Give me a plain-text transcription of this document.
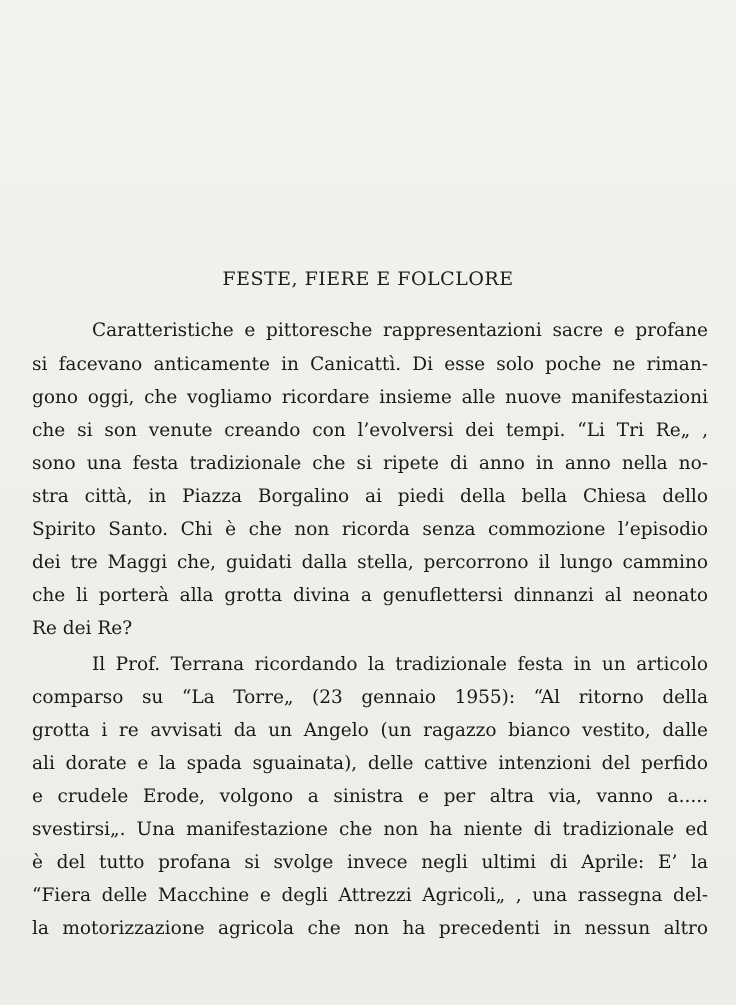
FESTE, FIERE E FOLCLORE
Caratteristiche e pittoresche rappresentazioni sacre e profane
si facevano anticamente in Canicattì. Di esse solo poche ne riman-
gono oggi, che vogliamo ricordare insieme alle nuove manifestazioni
che si son venute creando con l’evolversi dei tempi. “Li Tri Re„ ,
sono una festa tradizionale che si ripete di anno in anno nella no-
stra città, in Piazza Borgalino ai piedi della bella Chiesa dello
Spirito Santo. Chi è che non ricorda senza commozione l’episodio
dei tre Maggi che, guidati dalla stella, percorrono il lungo cammino
che li porterà alla grotta divina a genuflettersi dinnanzi al neonato
Re dei Re?
Il Prof. Terrana ricordando la tradizionale festa in un articolo
comparso su “La Torre„ (23 gennaio 1955): “Al ritorno della
grotta i re avvisati da un Angelo (un ragazzo bianco vestito, dalle
ali dorate e la spada sguainata), delle cattive intenzioni del perfido
e crudele Erode, volgono a sinistra e per altra via, vanno a.....
svestirsi„. Una manifestazione che non ha niente di tradizionale ed
è del tutto profana si svolge invece negli ultimi di Aprile: E’ la
“Fiera delle Macchine e degli Attrezzi Agricoli„ , una rassegna del-
la motorizzazione agricola che non ha precedenti in nessun altro
